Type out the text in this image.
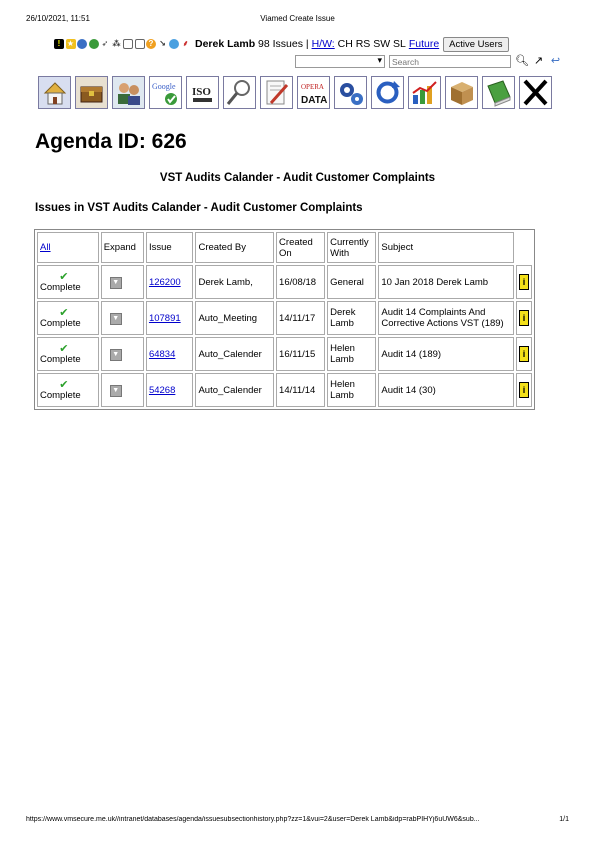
26/10/2021, 11:51	Viamed Create Issue
! ★	➶ ⁂	? ↘ ⸙ Derek Lamb
98 Issues
|
H/W:
CH RS SW SL
Future	Active Users
▾
Search
🔍︎ ↗ ↩
Google ISO	OPERA
DATA
Agenda ID: 626
VST Audits Calander - Audit Customer Complaints
Issues in VST Audits Calander - Audit Customer Complaints
All	Expand	Issue	Created By	Created On	Currently With	Subject	

✔
Complete	▼	126200	Derek Lamb,	16/08/18	General	10 Jan 2018 Derek Lamb	i

✔
Complete	▼	107891	Auto_Meeting	14/11/17	Derek Lamb	Audit 14 Complaints And Corrective Actions VST (189)	i

✔
Complete	▼	64834	Auto_Calender	16/11/15	Helen Lamb	Audit 14 (189)	i

✔
Complete	▼	54268	Auto_Calender	14/11/14	Helen Lamb	Audit 14 (30)	i
https://www.vmsecure.me.uk//intranet/databases/agenda/issuesubsectionhistory.php?zz=1&vui=2&user=Derek Lamb&idp=rabPIHYj6uUW6&sub...	1/1
